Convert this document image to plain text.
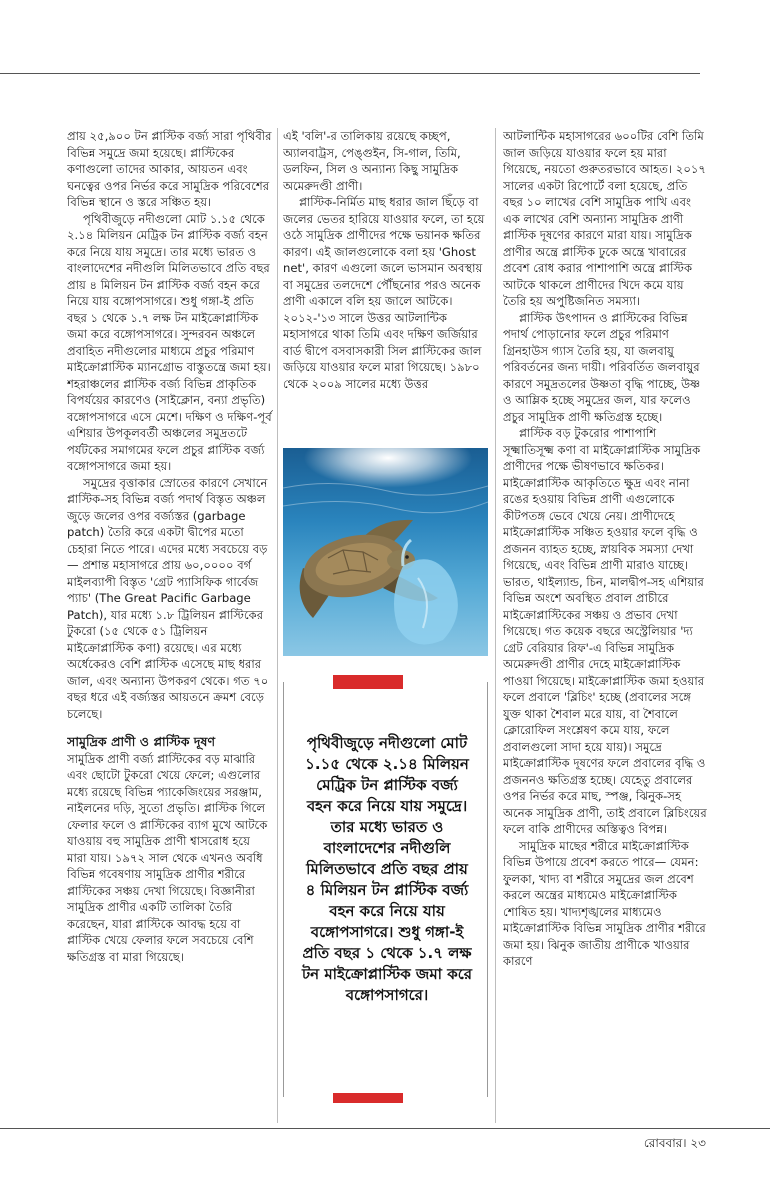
প্রায় ২৫,৯০০ টন প্লাস্টিক বর্জ্য সারা পৃথিবীর বিভিন্ন সমুদ্রে জমা হয়েছে। প্লাস্টিকের কণাগুলো তাদের আকার, আয়তন এবং ঘনত্বের ওপর নির্ভর করে সামুদ্রিক পরিবেশের বিভিন্ন স্থানে ও স্তরে সঞ্চিত হয়।

পৃথিবীজুড়ে নদীগুলো মোট ১.১৫ থেকে ২.১৪ মিলিয়ন মেট্রিক টন প্লাস্টিক বর্জ্য বহন করে নিয়ে যায় সমুদ্রে। তার মধ্যে ভারত ও বাংলাদেশের নদীগুলি মিলিতভাবে প্রতি বছর প্রায় ৪ মিলিয়ন টন প্লাস্টিক বর্জ্য বহন করে নিয়ে যায় বঙ্গোপসাগরে। শুধু গঙ্গা-ই প্রতি বছর ১ থেকে ১.৭ লক্ষ টন মাইক্রোপ্লাস্টিক জমা করে বঙ্গোপসাগরে। সুন্দরবন অঞ্চলে প্রবাহিত নদীগুলোর মাধ্যমে প্রচুর পরিমাণ মাইক্রোপ্লাস্টিক ম্যানগ্রোভ বাস্তুতন্ত্রে জমা হয়। শহরাঞ্চলের প্লাস্টিক বর্জ্য বিভিন্ন প্রাকৃতিক বিপর্যয়ের কারণেও (সাইক্লোন, বন্যা প্রভৃতি) বঙ্গোপসাগরে এসে মেশে। দক্ষিণ ও দক্ষিণ-পূর্ব এশিয়ার উপকূলবর্তী অঞ্চলের সমুদ্রতটে পর্যটকের সমাগমের ফলে প্রচুর প্লাস্টিক বর্জ্য বঙ্গোপসাগরে জমা হয়।

সমুদ্রের বৃত্তাকার স্রোতের কারণে সেখানে প্লাস্টিক-সহ বিভিন্ন বর্জ্য পদার্থ বিস্তৃত অঞ্চল জুড়ে জলের ওপর বর্জ্যস্তর (garbage patch) তৈরি করে একটা দ্বীপের মতো চেহারা নিতে পারে। এদের মধ্যে সবচেয়ে বড়— প্রশান্ত মহাসাগরে প্রায় ৬০,০০০০ বর্গ মাইলব্যাপী বিস্তৃত 'গ্রেট প্যাসিফিক গার্বেজ প্যাচ' (The Great Pacific Garbage Patch), যার মধ্যে ১.৮ ট্রিলিয়ন প্লাস্টিকের টুকরো (১৫ থেকে ৫১ ট্রিলিয়ন মাইক্রোপ্লাস্টিক কণা) রয়েছে। এর মধ্যে অর্ধেকেরও বেশি প্লাস্টিক এসেছে মাছ ধরার জাল, এবং অন্যান্য উপকরণ থেকে। গত ৭০ বছর ধরে এই বর্জ্যস্তর আয়তনে ক্রমশ বেড়ে চলেছে।

সামুদ্রিক প্রাণী ও প্লাস্টিক দূষণ

সামুদ্রিক প্রাণী বর্জ্য প্লাস্টিকের বড় মাঝারি এবং ছোটো টুকরো খেয়ে ফেলে; এগুলোর মধ্যে রয়েছে বিভিন্ন প্যাকেজিংয়ের সরঞ্জাম, নাইলনের দড়ি, সুতো প্রভৃতি। প্লাস্টিক গিলে ফেলার ফলে ও প্লাস্টিকের ব্যাগ মুখে আটকে যাওয়ায় বহু সামুদ্রিক প্রাণী শ্বাসরোধ হয়ে মারা যায়। ১৯৭২ সাল থেকে এখনও অবধি বিভিন্ন গবেষণায় সামুদ্রিক প্রাণীর শরীরে প্লাস্টিকের সঞ্চয় দেখা গিয়েছে। বিজ্ঞানীরা সামুদ্রিক প্রাণীর একটি তালিকা তৈরি করেছেন, যারা প্লাস্টিকে আবদ্ধ হয়ে বা প্লাস্টিক খেয়ে ফেলার ফলে সবচেয়ে বেশি ক্ষতিগ্রস্ত বা মারা গিয়েছে।

এই 'বলি'-র তালিকায় রয়েছে কচ্ছপ, অ্যালবাট্রস, পেঙ্গুইন, সি-গাল, তিমি, ডলফিন, সিল ও অন্যান্য কিছু সামুদ্রিক অমেরুদণ্ডী প্রাণী।

প্লাস্টিক-নির্মিত মাছ ধরার জাল ছিঁড়ে বা জলের ভেতর হারিয়ে যাওয়ার ফলে, তা হয়ে ওঠে সামুদ্রিক প্রাণীদের পক্ষে ভয়ানক ক্ষতির কারণ। এই জালগুলোকে বলা হয় 'Ghost net', কারণ এগুলো জলে ভাসমান অবস্থায় বা সমুদ্রের তলদেশে পৌঁছনোর পরও অনেক প্রাণী একালে বলি হয় জালে আটকে। ২০১২-'১৩ সালে উত্তর আটলান্টিক মহাসাগরে থাকা তিমি এবং দক্ষিণ জর্জিয়ার বার্ড দ্বীপে বসবাসকারী সিল প্লাস্টিকের জাল জড়িয়ে যাওয়ার ফলে মারা গিয়েছে। ১৯৮০ থেকে ২০০৯ সালের মধ্যে উত্তর

পৃথিবীজুড়ে নদীগুলো মোট ১.১৫ থেকে ২.১৪ মিলিয়ন মেট্রিক টন প্লাস্টিক বর্জ্য বহন করে নিয়ে যায় সমুদ্রে। তার মধ্যে ভারত ও বাংলাদেশের নদীগুলি মিলিতভাবে প্রতি বছর প্রায় ৪ মিলিয়ন টন প্লাস্টিক বর্জ্য বহন করে নিয়ে যায় বঙ্গোপসাগরে। শুধু গঙ্গা-ই প্রতি বছর ১ থেকে ১.৭ লক্ষ টন মাইক্রোপ্লাস্টিক জমা করে বঙ্গোপসাগরে।

আটলান্টিক মহাসাগরের ৬০০টির বেশি তিমি জাল জড়িয়ে যাওয়ার ফলে হয় মারা গিয়েছে, নয়তো গুরুতরভাবে আহত। ২০১৭ সালের একটা রিপোর্টে বলা হয়েছে, প্রতি বছর ১০ লাখের বেশি সামুদ্রিক পাখি এবং এক লাখের বেশি অন্যান্য সামুদ্রিক প্রাণী প্লাস্টিক দূষণের কারণে মারা যায়। সামুদ্রিক প্রাণীর অন্ত্রে প্লাস্টিক ঢুকে অন্ত্রে খাবারের প্রবেশ রোধ করার পাশাপাশি অন্ত্রে প্লাস্টিক আটকে থাকলে প্রাণীদের খিদে কমে যায় তৈরি হয় অপুষ্টিজনিত সমস্যা।

প্লাস্টিক উৎপাদন ও প্লাস্টিকের বিভিন্ন পদার্থ পোড়ানোর ফলে প্রচুর পরিমাণ গ্রিনহাউস গ্যাস তৈরি হয়, যা জলবায়ু পরিবর্তনের জন্য দায়ী। পরিবর্তিত জলবায়ুর কারণে সমুদ্রতলের উষ্ণতা বৃদ্ধি পাচ্ছে, উষ্ণ ও আম্লিক হচ্ছে সমুদ্রের জল, যার ফলেও প্রচুর সামুদ্রিক প্রাণী ক্ষতিগ্রস্ত হচ্ছে।

প্লাস্টিক বড় টুকরোর পাশাপাশি সূক্ষ্মাতিসূক্ষ্ম কণা বা মাইক্রোপ্লাস্টিক সামুদ্রিক প্রাণীদের পক্ষে ভীষণভাবে ক্ষতিকর। মাইক্রোপ্লাস্টিক আকৃতিতে ক্ষুদ্র এবং নানা রঙের হওয়ায় বিভিন্ন প্রাণী এগুলোকে কীটপতঙ্গ ভেবে খেয়ে নেয়। প্রাণীদেহে মাইক্রোপ্লাস্টিক সঞ্চিত হওয়ার ফলে বৃদ্ধি ও প্রজনন ব্যাহত হচ্ছে, স্নায়বিক সমস্যা দেখা গিয়েছে, এবং বিভিন্ন প্রাণী মারাও যাচ্ছে। ভারত, থাইল্যান্ড, চিন, মালদ্বীপ-সহ এশিয়ার বিভিন্ন অংশে অবস্থিত প্রবাল প্রাচীরে মাইক্রোপ্লাস্টিকের সঞ্চয় ও প্রভাব দেখা গিয়েছে। গত কয়েক বছরে অস্ট্রেলিয়ার 'দ্য গ্রেট বেরিয়ার রিফ'-এ বিভিন্ন সামুদ্রিক অমেরুদণ্ডী প্রাণীর দেহে মাইক্রোপ্লাস্টিক পাওয়া গিয়েছে। মাইক্রোপ্লাস্টিক জমা হওয়ার ফলে প্রবালে 'ব্লিচিং' হচ্ছে (প্রবালের সঙ্গে যুক্ত থাকা শৈবাল মরে যায়, বা শৈবালে ক্লোরোফিল সংশ্লেষণ কমে যায়, ফলে প্রবালগুলো সাদা হয়ে যায়)। সমুদ্রে মাইক্রোপ্লাস্টিক দূষণের ফলে প্রবালের বৃদ্ধি ও প্রজননও ক্ষতিগ্রস্ত হচ্ছে। যেহেতু প্রবালের ওপর নির্ভর করে মাছ, স্পঞ্জ, ঝিনুক-সহ অনেক সামুদ্রিক প্রাণী, তাই প্রবালে ব্লিচিংয়ের ফলে বাকি প্রাণীদের অস্তিত্বও বিপন্ন।

সামুদ্রিক মাছের শরীরে মাইক্রোপ্লাস্টিক বিভিন্ন উপায়ে প্রবেশ করতে পারে— যেমন: ফুলকা, খাদ্য বা শরীরে সমুদ্রের জল প্রবেশ করলে অন্ত্রের মাধ্যমেও মাইক্রোপ্লাস্টিক শোষিত হয়। খাদ্যশৃঙ্খলের মাধ্যমেও মাইক্রোপ্লাস্টিক বিভিন্ন সামুদ্রিক প্রাণীর শরীরে জমা হয়। ঝিনুক জাতীয় প্রাণীকে খাওয়ার কারণে

রোববার। ২৩
